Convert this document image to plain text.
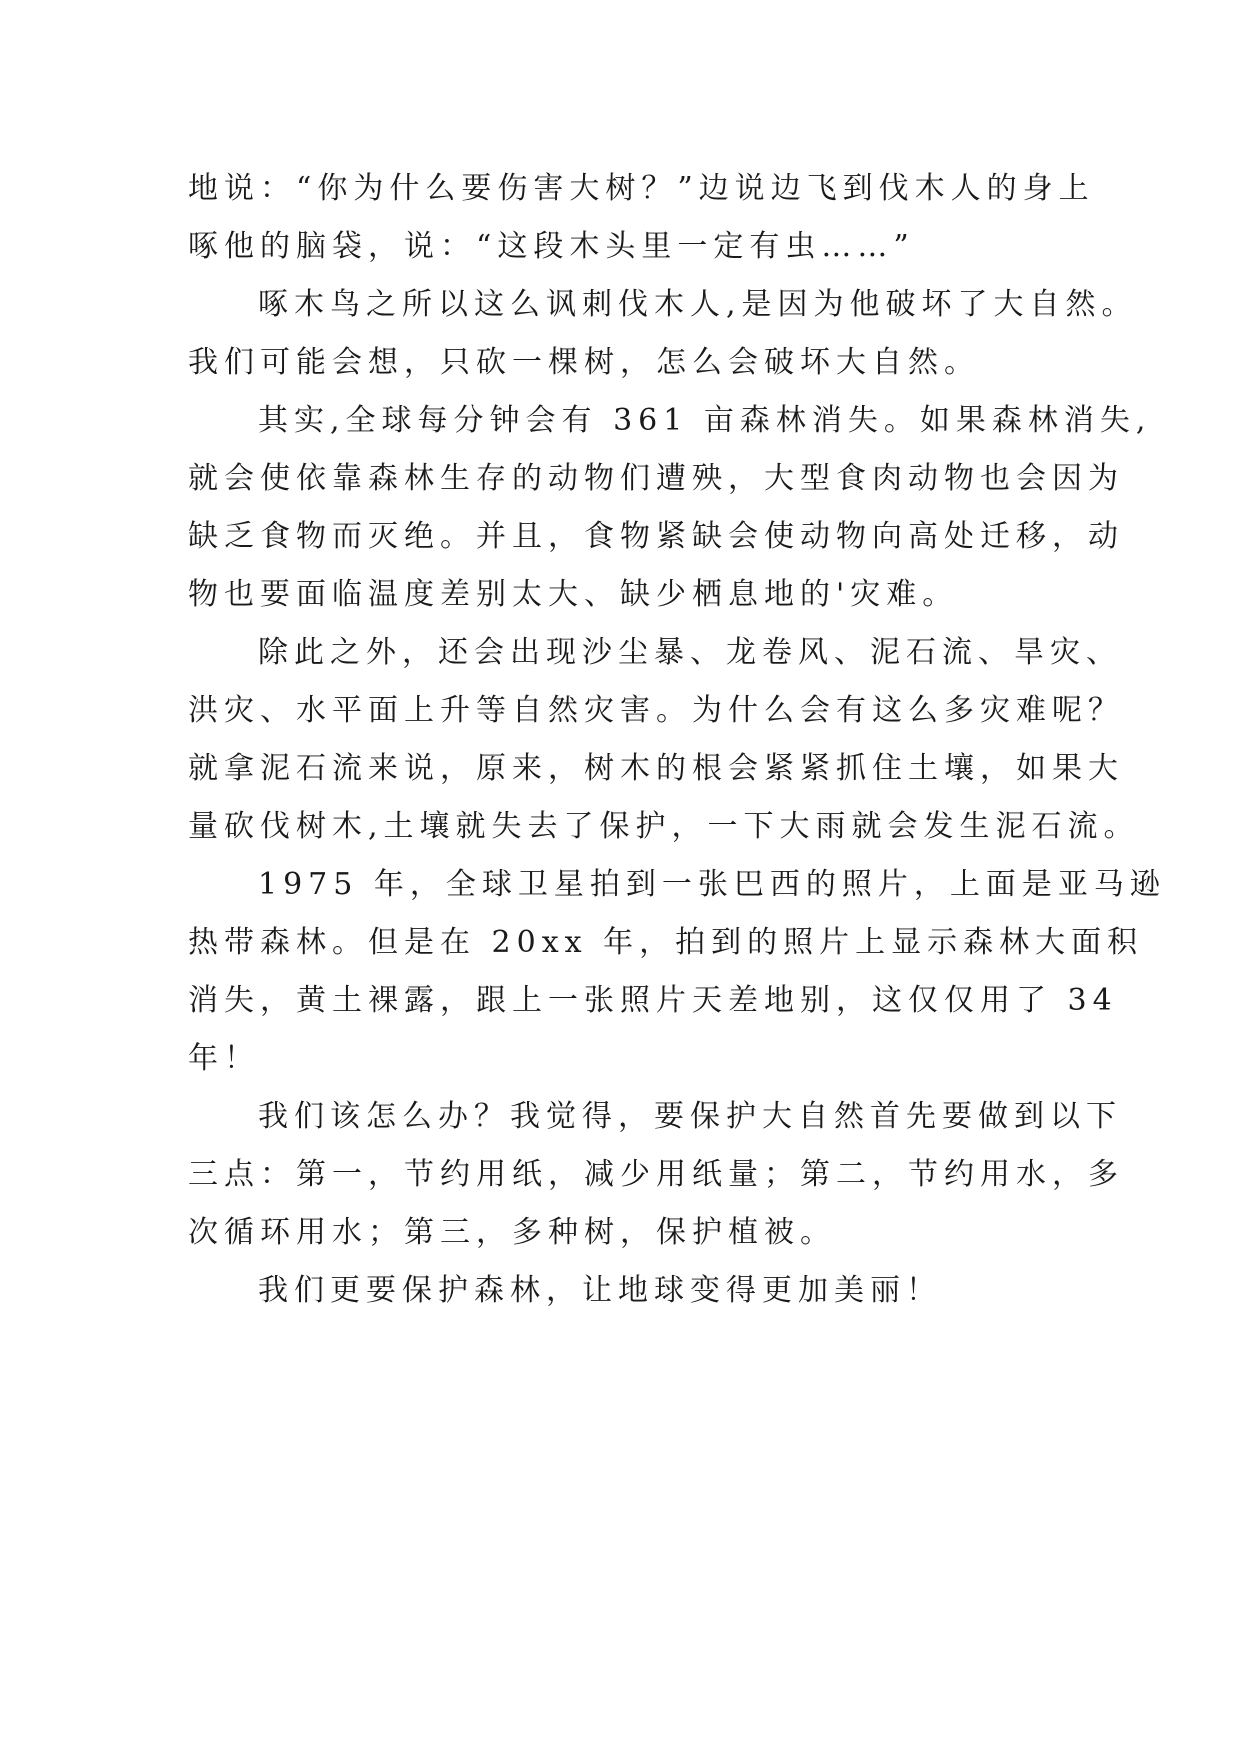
地说：“你为什么要伤害大树？”边说边飞到伐木人的身上
啄他的脑袋，说：“这段木头里一定有虫……”
啄木鸟之所以这么讽刺伐木人,是因为他破坏了大自然。
我们可能会想，只砍一棵树，怎么会破坏大自然。
其实,全球每分钟会有 361 亩森林消失。如果森林消失,
就会使依靠森林生存的动物们遭殃，大型食肉动物也会因为
缺乏食物而灭绝。并且，食物紧缺会使动物向高处迁移，动
物也要面临温度差别太大、缺少栖息地的'灾难。
除此之外，还会出现沙尘暴、龙卷风、泥石流、旱灾、
洪灾、水平面上升等自然灾害。为什么会有这么多灾难呢？
就拿泥石流来说，原来，树木的根会紧紧抓住土壤，如果大
量砍伐树木,土壤就失去了保护，一下大雨就会发生泥石流。
1975 年，全球卫星拍到一张巴西的照片，上面是亚马逊
热带森林。但是在 20xx 年，拍到的照片上显示森林大面积
消失，黄土裸露，跟上一张照片天差地别，这仅仅用了 34
年！
我们该怎么办？我觉得，要保护大自然首先要做到以下
三点：第一，节约用纸，减少用纸量；第二，节约用水，多
次循环用水；第三，多种树，保护植被。
我们更要保护森林，让地球变得更加美丽！
